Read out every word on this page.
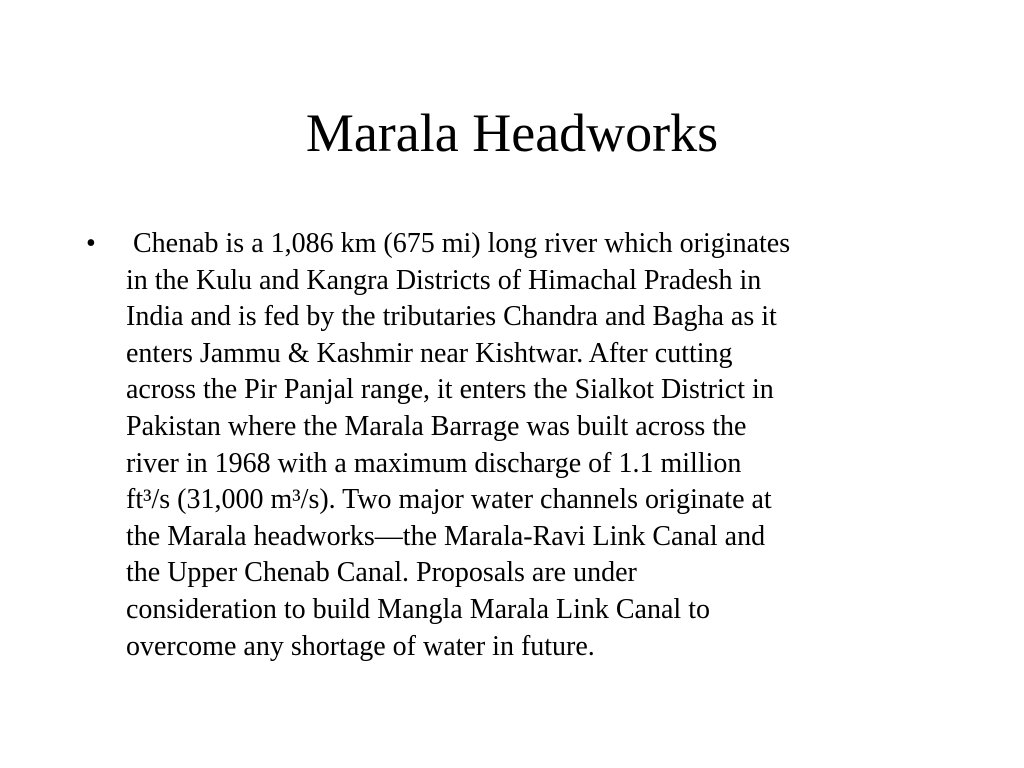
Marala Headworks
• Chenab is a 1,086 km (675 mi) long river which originates
in the Kulu and Kangra Districts of Himachal Pradesh in
India and is fed by the tributaries Chandra and Bagha as it
enters Jammu & Kashmir near Kishtwar. After cutting
across the Pir Panjal range, it enters the Sialkot District in
Pakistan where the Marala Barrage was built across the
river in 1968 with a maximum discharge of 1.1 million
ft³/s (31,000 m³/s). Two major water channels originate at
the Marala headworks—the Marala-Ravi Link Canal and
the Upper Chenab Canal. Proposals are under
consideration to build Mangla Marala Link Canal to
overcome any shortage of water in future.
